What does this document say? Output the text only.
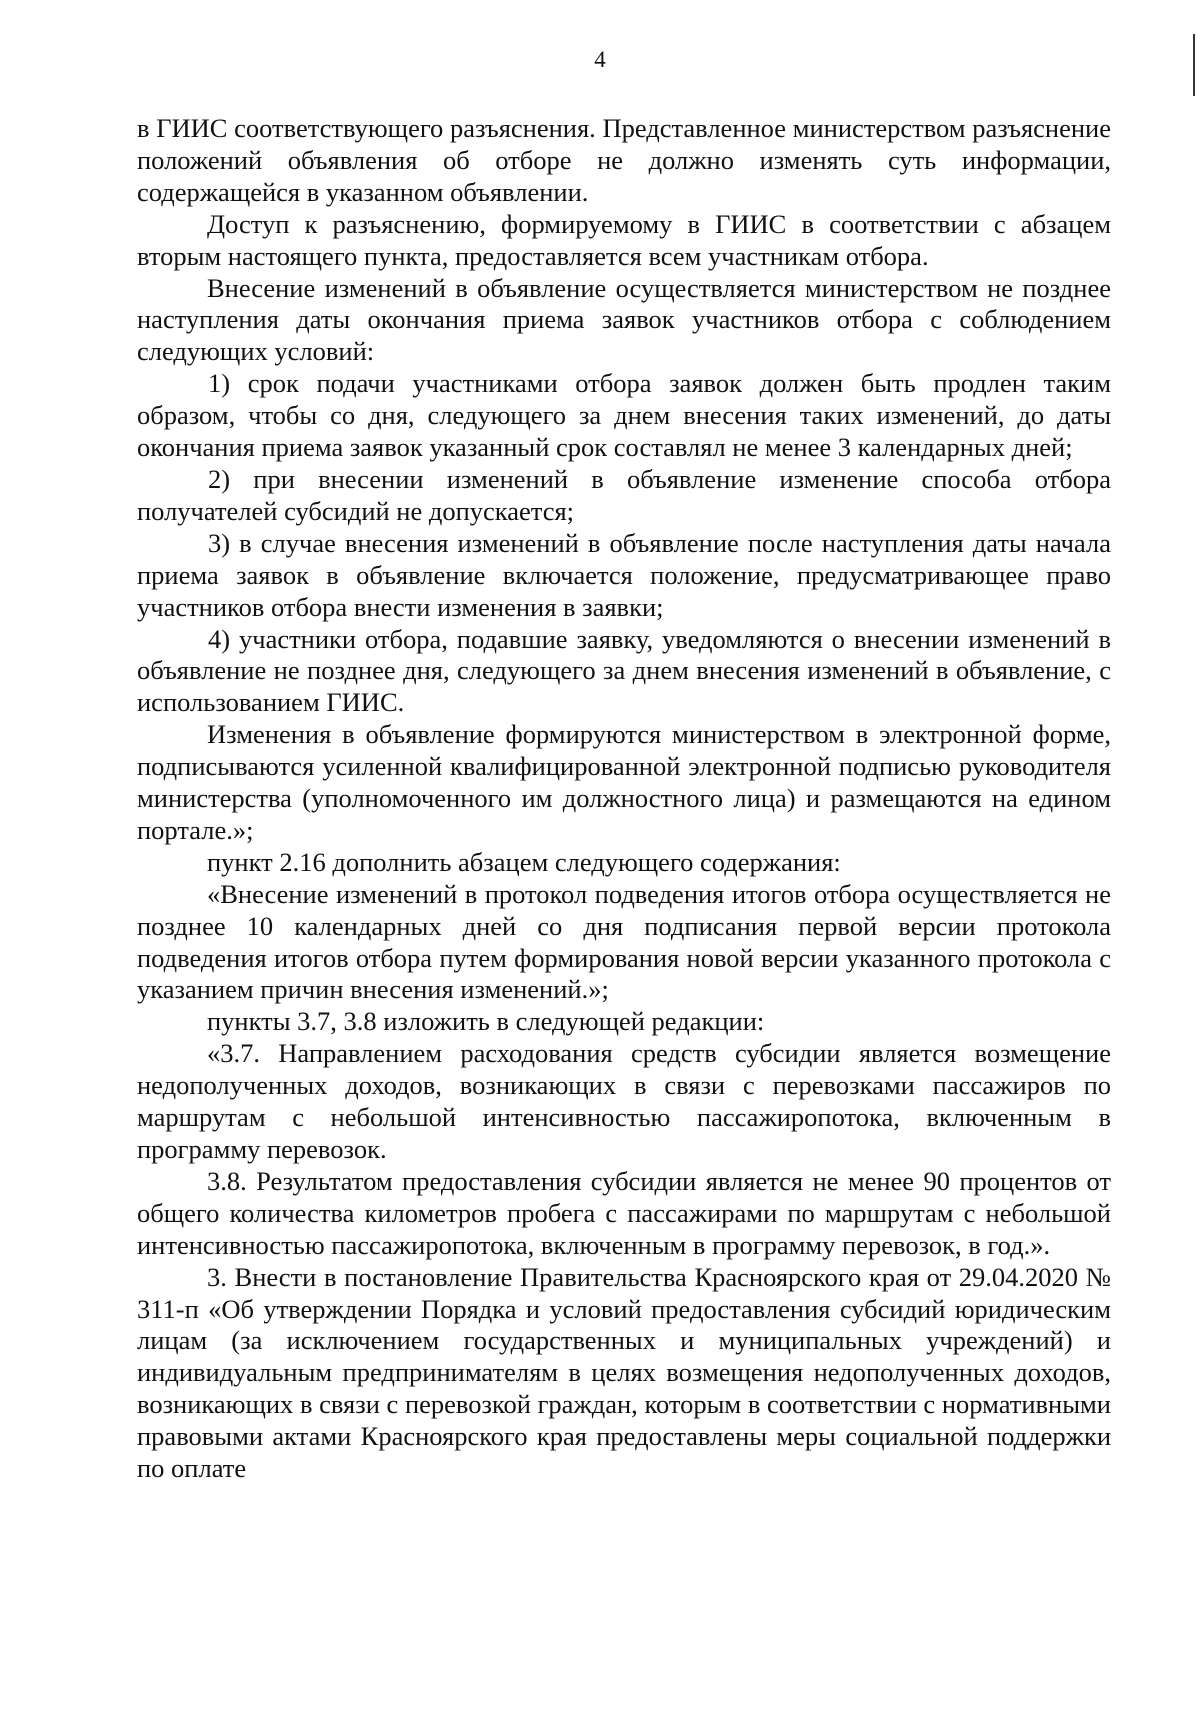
4

в ГИИС соответствующего разъяснения. Представленное министерством разъяснение положений объявления об отборе не должно изменять суть информации, содержащейся в указанном объявлении.

Доступ к разъяснению, формируемому в ГИИС в соответствии с абзацем вторым настоящего пункта, предоставляется всем участникам отбора.

Внесение изменений в объявление осуществляется министерством не позднее наступления даты окончания приема заявок участников отбора с соблюдением следующих условий:

1) срок подачи участниками отбора заявок должен быть продлен таким образом, чтобы со дня, следующего за днем внесения таких изменений, до даты окончания приема заявок указанный срок составлял не менее 3 календарных дней;

2) при внесении изменений в объявление изменение способа отбора получателей субсидий не допускается;

3) в случае внесения изменений в объявление после наступления даты начала приема заявок в объявление включается положение, предусматривающее право участников отбора внести изменения в заявки;

4) участники отбора, подавшие заявку, уведомляются о внесении изменений в объявление не позднее дня, следующего за днем внесения изменений в объявление, с использованием ГИИС.

Изменения в объявление формируются министерством в электронной форме, подписываются усиленной квалифицированной электронной подписью руководителя министерства (уполномоченного им должностного лица) и размещаются на едином портале.»;

пункт 2.16 дополнить абзацем следующего содержания:

«Внесение изменений в протокол подведения итогов отбора осуществляется не позднее 10 календарных дней со дня подписания первой версии протокола подведения итогов отбора путем формирования новой версии указанного протокола с указанием причин внесения изменений.»;

пункты 3.7, 3.8 изложить в следующей редакции:

«3.7. Направлением расходования средств субсидии является возмещение недополученных доходов, возникающих в связи с перевозками пассажиров по маршрутам с небольшой интенсивностью пассажиропотока, включенным в программу перевозок.

3.8. Результатом предоставления субсидии является не менее 90 процентов от общего количества километров пробега с пассажирами по маршрутам с небольшой интенсивностью пассажиропотока, включенным в программу перевозок, в год.».

3. Внести в постановление Правительства Красноярского края от 29.04.2020 № 311-п «Об утверждении Порядка и условий предоставления субсидий юридическим лицам (за исключением государственных и муниципальных учреждений) и индивидуальным предпринимателям в целях возмещения недополученных доходов, возникающих в связи с перевозкой граждан, которым в соответствии с нормативными правовыми актами Красноярского края предоставлены меры социальной поддержки по оплате
